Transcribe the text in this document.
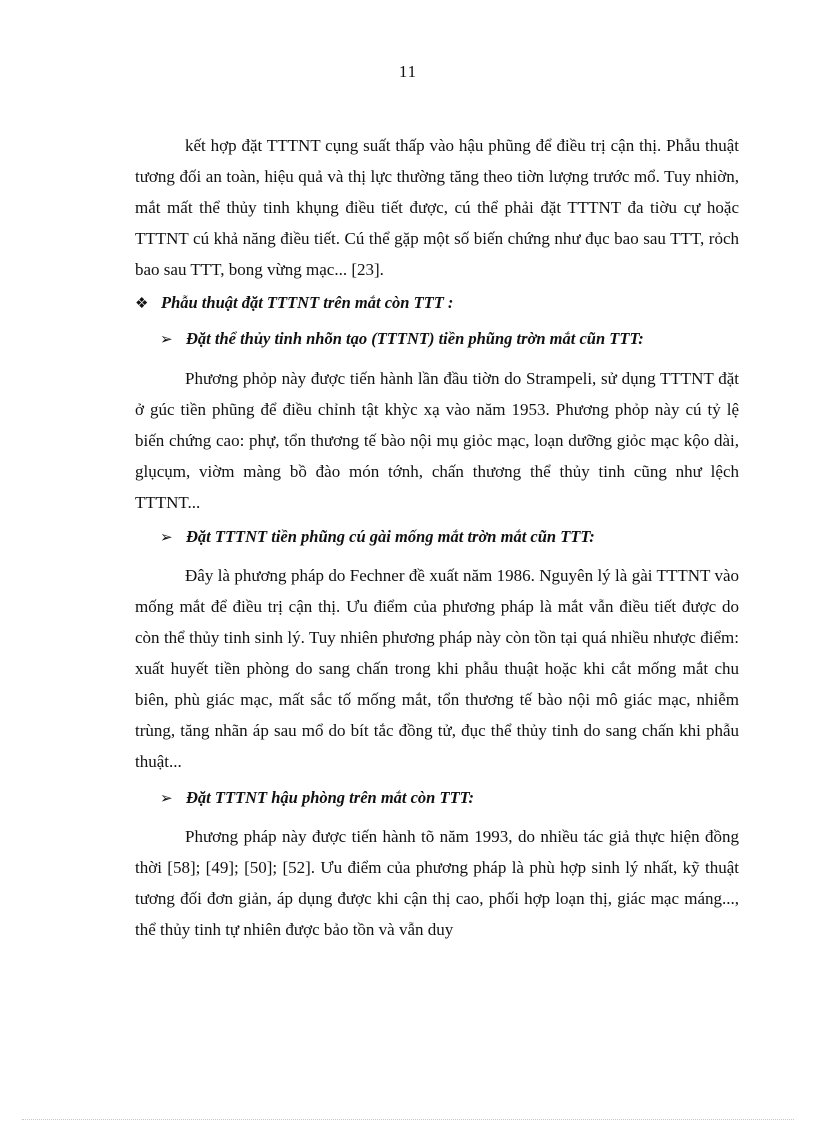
11

kết hợp đặt TTTNT cụng suất thấp vào hậu phũng để điều trị cận thị. Phẫu thuật tương đối an toàn, hiệu quả và thị lực thường tăng theo tiờn lượng trước mổ. Tuy nhiờn, mắt mất thể thủy tinh khụng điều tiết được, cú thể phải đặt TTTNT đa tiờu cự hoặc TTTNT cú khả năng điều tiết. Cú thể gặp một số biến chứng như đục bao sau TTT, rỏch bao sau TTT, bong vừng mạc... [23].

❖ Phẫu thuật đặt TTTNT trên mắt còn TTT :
➢ Đặt thể thủy tinh nhõn tạo (TTTNT) tiền phũng trờn mắt cũn TTT:

Phương phỏp này được tiến hành lần đầu tiờn do Strampeli, sử dụng TTTNT đặt ở gúc tiền phũng để điều chỉnh tật khỳc xạ vào năm 1953. Phương phỏp này cú tỷ lệ biến chứng cao: phự, tổn thương tế bào nội mụ giỏc mạc, loạn dưỡng giỏc mạc kộo dài, glụcụm, viờm màng bồ đào món tớnh, chấn thương thể thủy tinh cũng như lệch TTTNT...

➢ Đặt TTTNT tiền phũng cú gài mống mắt trờn mắt cũn TTT:

Đây là phương pháp do Fechner đề xuất năm 1986. Nguyên lý là gài TTTNT vào mống mắt để điều trị cận thị. Ưu điểm của phương pháp là mắt vẫn điều tiết được do còn thể thủy tinh sinh lý. Tuy nhiên phương pháp này còn tồn tại quá nhiều nhược điểm: xuất huyết tiền phòng do sang chấn trong khi phẫu thuật hoặc khi cắt mống mắt chu biên, phù giác mạc, mất sắc tố mống mắt, tổn thương tế bào nội mô giác mạc, nhiễm trùng, tăng nhãn áp sau mổ do bít tắc đồng tử, đục thể thủy tinh do sang chấn khi phẫu thuật...

➢ Đặt TTTNT hậu phòng trên mắt còn TTT:

Phương pháp này được tiến hành tõ năm 1993, do nhiều tác giả thực hiện đồng thời [58]; [49]; [50]; [52]. Ưu điểm của phương pháp là phù hợp sinh lý nhất, kỹ thuật tương đối đơn giản, áp dụng được khi cận thị cao, phối hợp loạn thị, giác mạc máng..., thể thủy tinh tự nhiên được bảo tồn và vẫn duy
